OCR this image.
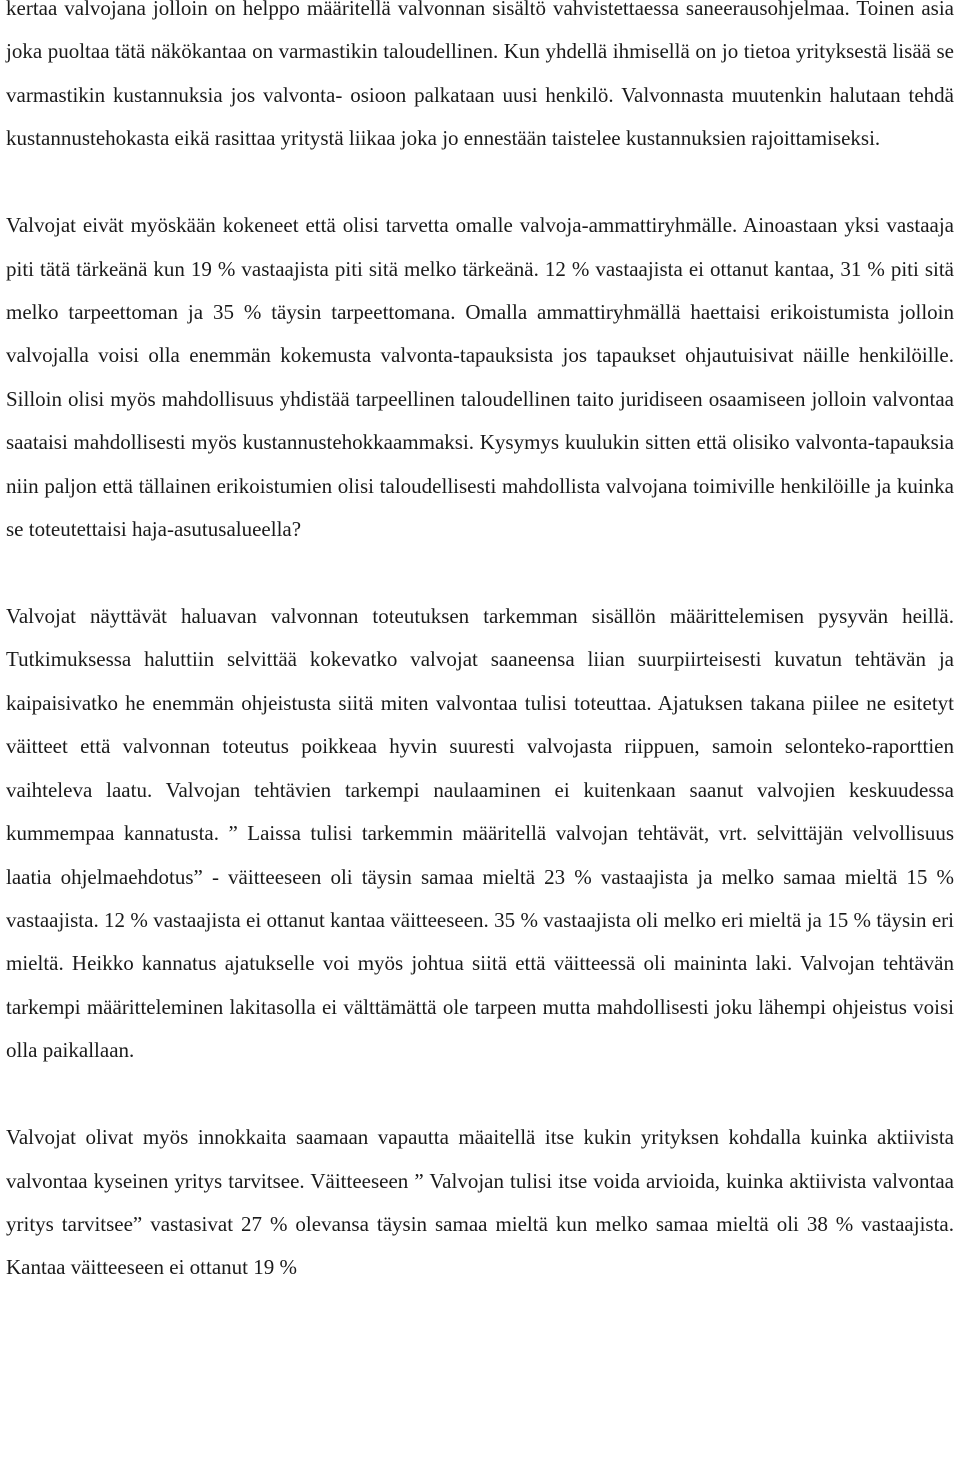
kertaa valvojana jolloin on helppo määritellä valvonnan sisältö vahvistettaessa saneerausohjelmaa. Toinen asia joka puoltaa tätä näkökantaa on varmastikin taloudellinen. Kun yhdellä ihmisellä on jo tietoa yrityksestä lisää se varmastikin kustannuksia jos valvonta- osioon palkataan uusi henkilö. Valvonnasta muutenkin halutaan tehdä kustannustehokasta eikä rasittaa yritystä liikaa joka jo ennestään taistelee kustannuksien rajoittamiseksi.

Valvojat eivät myöskään kokeneet että olisi tarvetta omalle valvoja-ammattiryhmälle. Ainoastaan yksi vastaaja piti tätä tärkeänä kun 19 % vastaajista piti sitä melko tärkeänä. 12 % vastaajista ei ottanut kantaa, 31 % piti sitä melko tarpeettoman ja 35 % täysin tarpeettomana. Omalla ammattiryhmällä haettaisi erikoistumista jolloin valvojalla voisi olla enemmän kokemusta valvonta-tapauksista jos tapaukset ohjautuisivat näille henkilöille. Silloin olisi myös mahdollisuus yhdistää tarpeellinen taloudellinen taito juridiseen osaamiseen jolloin valvontaa saataisi mahdollisesti myös kustannustehokkaammaksi. Kysymys kuulukin sitten että olisiko valvonta-tapauksia niin paljon että tällainen erikoistumien olisi taloudellisesti mahdollista valvojana toimiville henkilöille ja kuinka se toteutettaisi haja-asutusalueella?

Valvojat näyttävät haluavan valvonnan toteutuksen tarkemman sisällön määrittelemisen pysyvän heillä. Tutkimuksessa haluttiin selvittää kokevatko valvojat saaneensa liian suurpiirteisesti kuvatun tehtävän ja kaipaisivatko he enemmän ohjeistusta siitä miten valvontaa tulisi toteuttaa. Ajatuksen takana piilee ne esitetyt väitteet että valvonnan toteutus poikkeaa hyvin suuresti valvojasta riippuen, samoin selonteko-raporttien vaihteleva laatu. Valvojan tehtävien tarkempi naulaaminen ei kuitenkaan saanut valvojien keskuudessa kummempaa kannatusta. ” Laissa tulisi tarkemmin määritellä valvojan tehtävät, vrt. selvittäjän velvollisuus laatia ohjelmaehdotus” - väitteeseen oli täysin samaa mieltä 23 % vastaajista ja melko samaa mieltä 15 % vastaajista. 12 % vastaajista ei ottanut kantaa väitteeseen. 35 % vastaajista oli melko eri mieltä ja 15 % täysin eri mieltä. Heikko kannatus ajatukselle voi myös johtua siitä että väitteessä oli maininta laki. Valvojan tehtävän tarkempi määritteleminen lakitasolla ei välttämättä ole tarpeen mutta mahdollisesti joku lähempi ohjeistus voisi olla paikallaan.

Valvojat olivat myös innokkaita saamaan vapautta mäaitellä itse kukin yrityksen kohdalla kuinka aktiivista valvontaa kyseinen yritys tarvitsee. Väitteeseen ” Valvojan tulisi itse voida arvioida, kuinka aktiivista valvontaa yritys tarvitsee” vastasivat 27 % olevansa täysin samaa mieltä kun melko samaa mieltä oli 38 % vastaajista. Kantaa väitteeseen ei ottanut 19 %
